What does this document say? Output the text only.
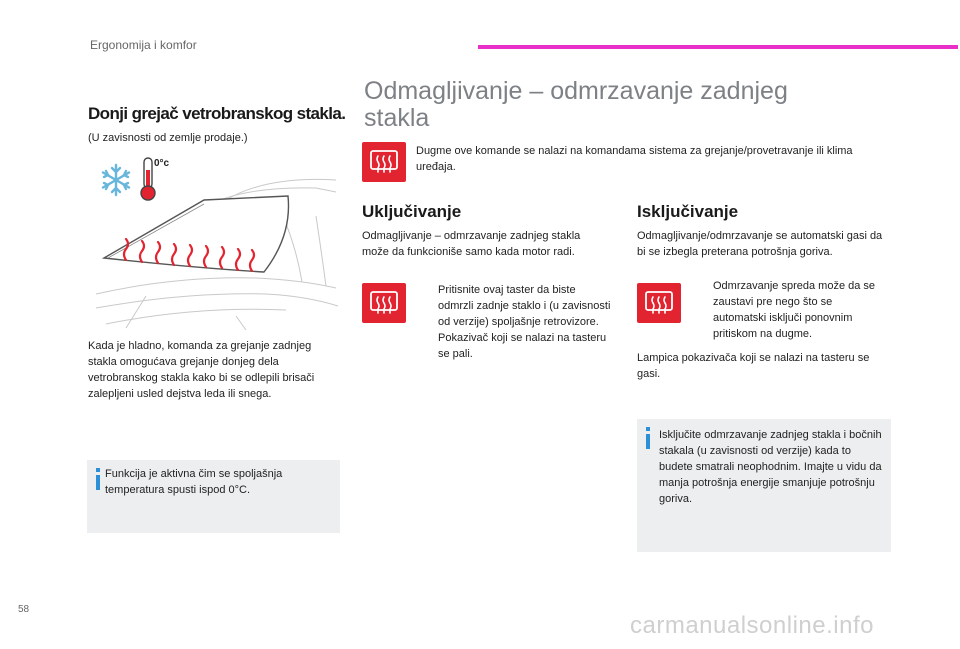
Ergonomija i komfor
Donji grejač vetrobranskog stakla.
(U zavisnosti od zemlje prodaje.)
0°c
Kada je hladno, komanda za grejanje zadnjeg stakla omogućava grejanje donjeg dela vetrobranskog stakla kako bi se odlepili brisači zalepljeni usled dejstva leda ili snega.
Funkcija je aktivna čim se spoljašnja temperatura spusti ispod 0°C.
Odmagljivanje – odmrzavanje zadnjeg stakla
Dugme ove komande se nalazi na komandama sistema za grejanje/provetravanje ili klima uređaja.
Uključivanje
Odmagljivanje – odmrzavanje zadnjeg stakla može da funkcioniše samo kada motor radi.
Pritisnite ovaj taster da biste odmrzli zadnje staklo i (u zavisnosti od verzije) spoljašnje retrovizore. Pokazivač koji se nalazi na tasteru se pali.
Isključivanje
Odmagljivanje/odmrzavanje se automatski gasi da bi se izbegla preterana potrošnja goriva.
Odmrzavanje spreda može da se zaustavi pre nego što se automatski isključi ponovnim pritiskom na dugme.
Lampica pokazivača koji se nalazi na tasteru se gasi.
Isključite odmrzavanje zadnjeg stakla i bočnih stakala (u zavisnosti od verzije) kada to budete smatrali neophodnim. Imajte u vidu da manja potrošnja energije smanjuje potrošnju goriva.
58
carmanualsonline.info
